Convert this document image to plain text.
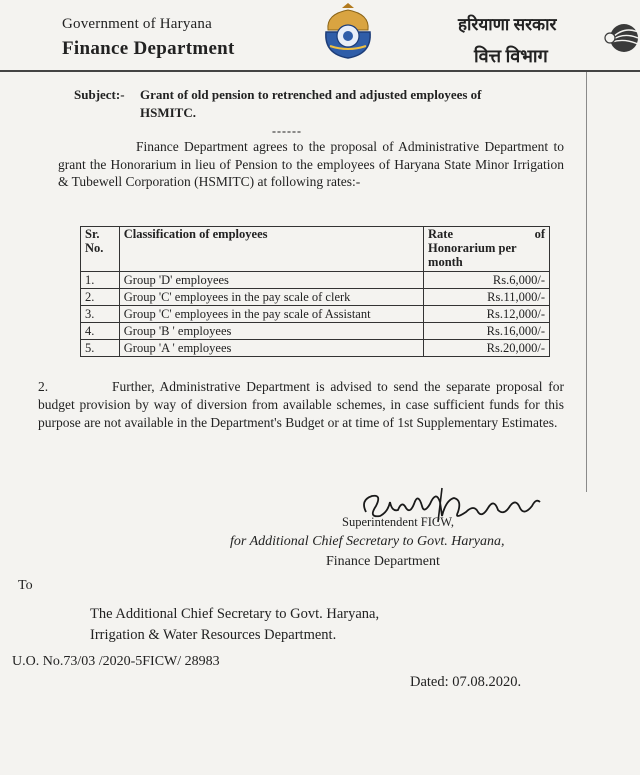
Government of Haryana
Finance Department
हरियाणा सरकार
वित्त विभाग
Subject:- Grant of old pension to retrenched and adjusted employees of
HSMITC.
------
Finance Department agrees to the proposal of Administrative Department to grant the Honorarium in lieu of Pension to the employees of Haryana State Minor Irrigation & Tubewell Corporation (HSMITC) at following rates:-
Sr. No.	Classification of employees	Rate of
Honorarium per month

1.	Group 'D' employees	Rs.6,000/-
2.	Group 'C' employees in the pay scale of clerk	Rs.11,000/-
3.	Group 'C' employees in the pay scale of Assistant	Rs.12,000/-
4.	Group 'B ' employees	Rs.16,000/-
5.	Group 'A ' employees	Rs.20,000/-
2.	Further, Administrative Department is advised to send the separate proposal for budget provision by way of diversion from available schemes, in case sufficient funds for this purpose are not available in the Department's Budget or at time of 1st Supplementary Estimates.
Superintendent FICW,
for Additional Chief Secretary to Govt. Haryana,
Finance Department
To
The Additional Chief Secretary to Govt. Haryana,
Irrigation & Water Resources Department.
U.O. No.73/03 /2020-5FICW/ 28983
Dated: 07.08.2020.
